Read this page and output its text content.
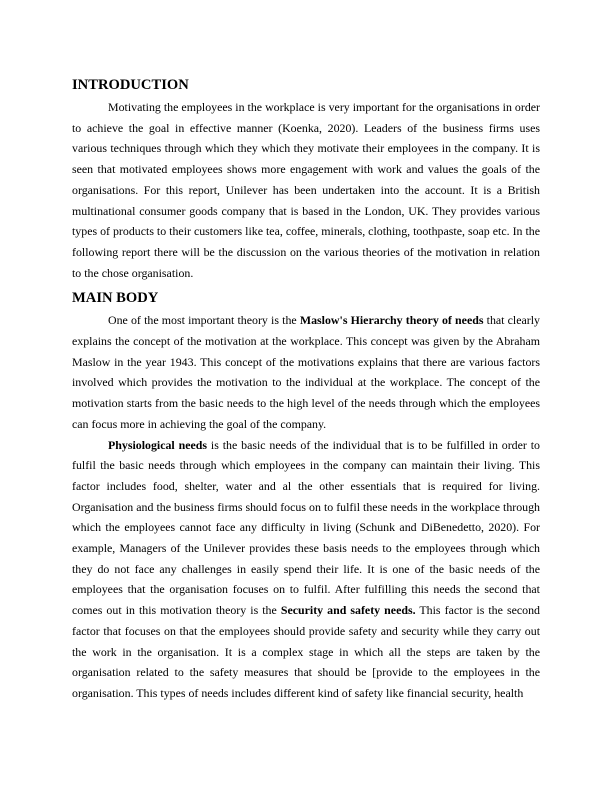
INTRODUCTION

Motivating the employees in the workplace is very important for the organisations in order to achieve the goal in effective manner (Koenka, 2020). Leaders of the business firms uses various techniques through which they which they motivate their employees in the company. It is seen that motivated employees shows more engagement with work and values the goals of the organisations. For this report, Unilever has been undertaken into the account. It is a British multinational consumer goods company that is based in the London, UK. They provides various types of products to their customers like tea, coffee, minerals, clothing, toothpaste, soap etc. In the following report there will be the discussion on the various theories of the motivation in relation to the chose organisation.

MAIN BODY

One of the most important theory is the Maslow's Hierarchy theory of needs that clearly explains the concept of the motivation at the workplace. This concept was given by the Abraham Maslow in the year 1943. This concept of the motivations explains that there are various factors involved which provides the motivation to the individual at the workplace. The concept of the motivation starts from the basic needs to the high level of the needs through which the employees can focus more in achieving the goal of the company.

Physiological needs is the basic needs of the individual that is to be fulfilled in order to fulfil the basic needs through which employees in the company can maintain their living. This factor includes food, shelter, water and al the other essentials that is required for living. Organisation and the business firms should focus on to fulfil these needs in the workplace through which the employees cannot face any difficulty in living (Schunk and DiBenedetto, 2020). For example, Managers of the Unilever provides these basis needs to the employees through which they do not face any challenges in easily spend their life. It is one of the basic needs of the employees that the organisation focuses on to fulfil. After fulfilling this needs the second that comes out in this motivation theory is the Security and safety needs. This factor is the second factor that focuses on that the employees should provide safety and security while they carry out the work in the organisation. It is a complex stage in which all the steps are taken by the organisation related to the safety measures that should be [provide to the employees in the organisation. This types of needs includes different kind of safety like financial security, health
